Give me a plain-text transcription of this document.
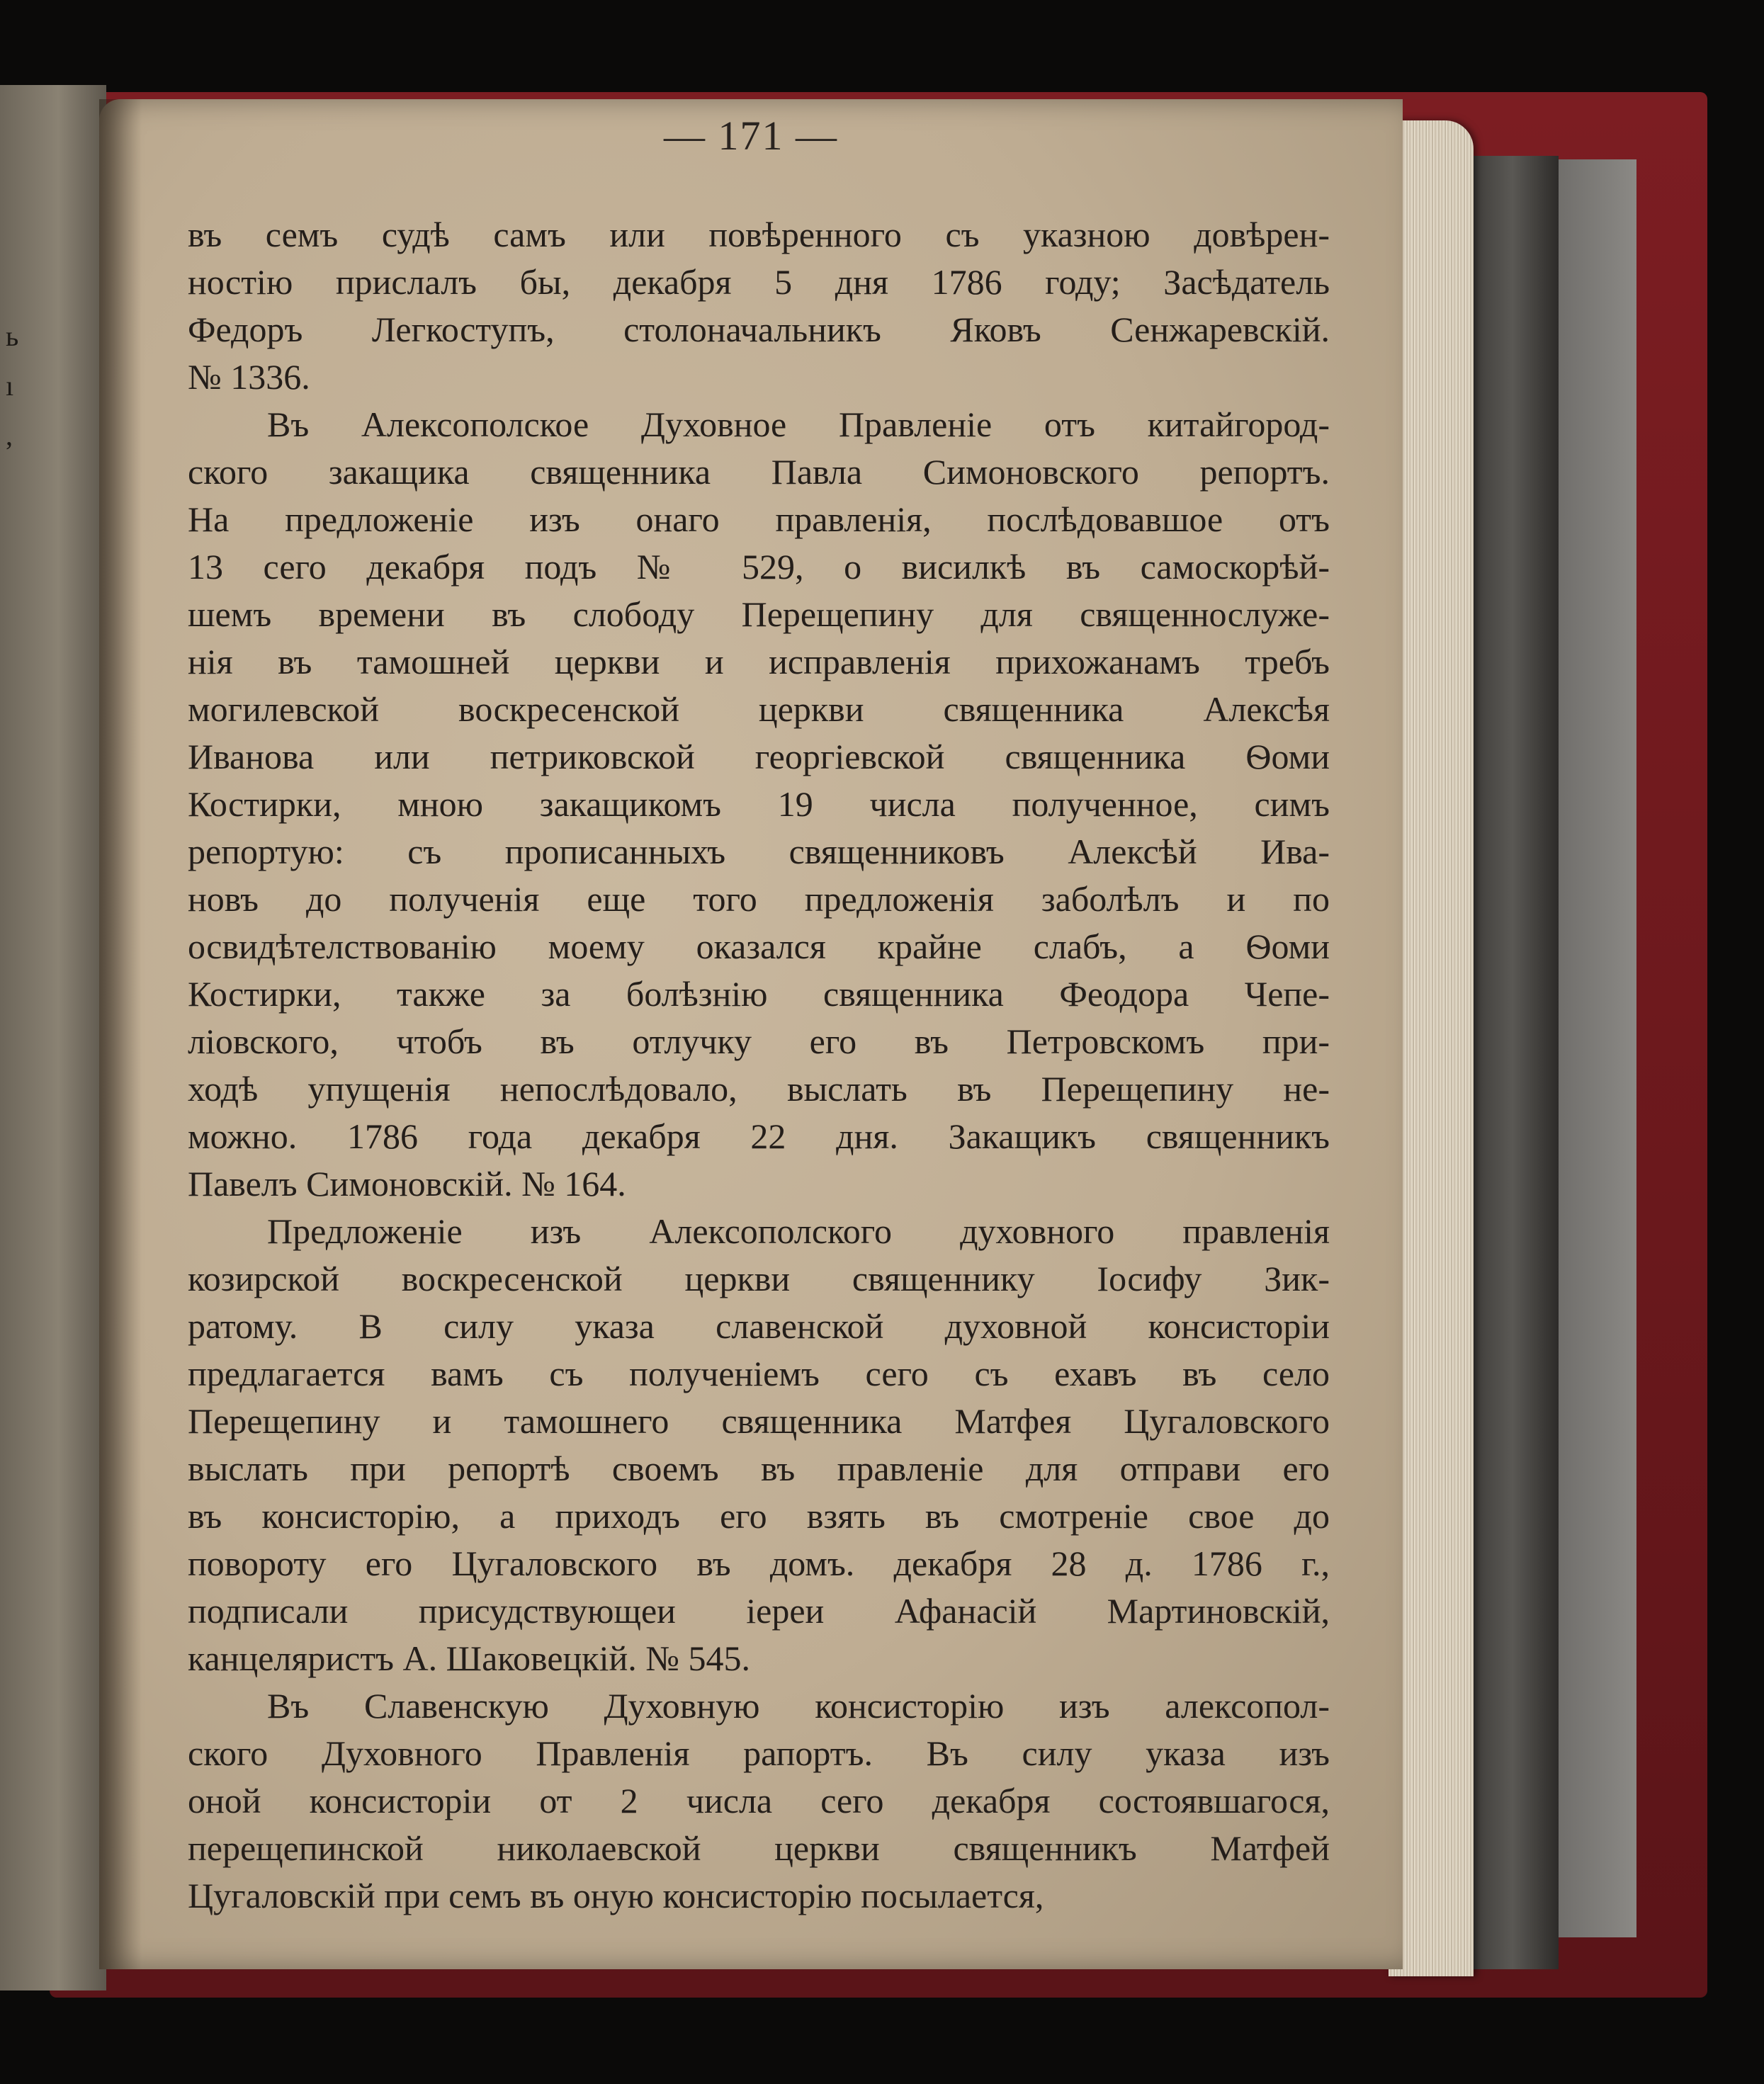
ь
ı
,
— 171 —
въ семъ судѣ самъ или повѣренного съ указною довѣрен-
ностію прислалъ бы, декабря 5 дня 1786 году; Засѣдатель
Федоръ Легкоступъ, столоначальникъ Яковъ Сенжаревскій.
№ 1336.
Въ Алексополское Духовное Правленіе отъ китайгород-
ского закащика священника Павла Симоновского репортъ.
На предложеніе изъ онаго правленія, послѣдовавшое отъ
13 сего декабря подъ № 529, о висилкѣ въ самоскорѣй-
шемъ времени въ слободу Перещепину для священнослуже-
нія въ тамошней церкви и исправленія прихожанамъ требъ
могилевской воскресенской церкви священника Алексѣя
Иванова или петриковской георгіевской священника Ѳоми
Костирки, мною закащикомъ 19 числа полученное, симъ
репортую: съ прописанныхъ священниковъ Алексѣй Ива-
новъ до полученія еще того предложенія заболѣлъ и по
освидѣтелствованію моему оказался крайне слабъ, а Ѳоми
Костирки, также за болѣзнію священника Феодора Чепе-
ліовского, чтобъ въ отлучку его въ Петровскомъ при-
ходѣ упущенія непослѣдовало, выслать въ Перещепину не-
можно. 1786 года декабря 22 дня. Закащикъ священникъ
Павелъ Симоновскій. № 164.
Предложеніе изъ Алексополского духовного правленія
козирской воскресенской церкви священнику Іосифу Зик-
ратому. В силу указа славенской духовной консисторіи
предлагается вамъ съ полученіемъ сего съ ехавъ въ село
Перещепину и тамошнего священника Матфея Цугаловского
выслать при репортѣ своемъ въ правленіе для отправи его
въ консисторію, а приходъ его взять въ смотреніе свое до
повороту его Цугаловского въ домъ. декабря 28 д. 1786 г.,
подписали присудствующеи іереи Афанасій Мартиновскій,
канцеляристъ А. Шаковецкій. № 545.
Въ Славенскую Духовную консисторію изъ алексопол-
ского Духовного Правленія рапортъ. Въ силу указа изъ
оной консисторіи от 2 числа сего декабря состоявшагося,
перещепинской николаевской церкви священникъ Матфей
Цугаловскій при семъ въ оную консисторію посылается,
